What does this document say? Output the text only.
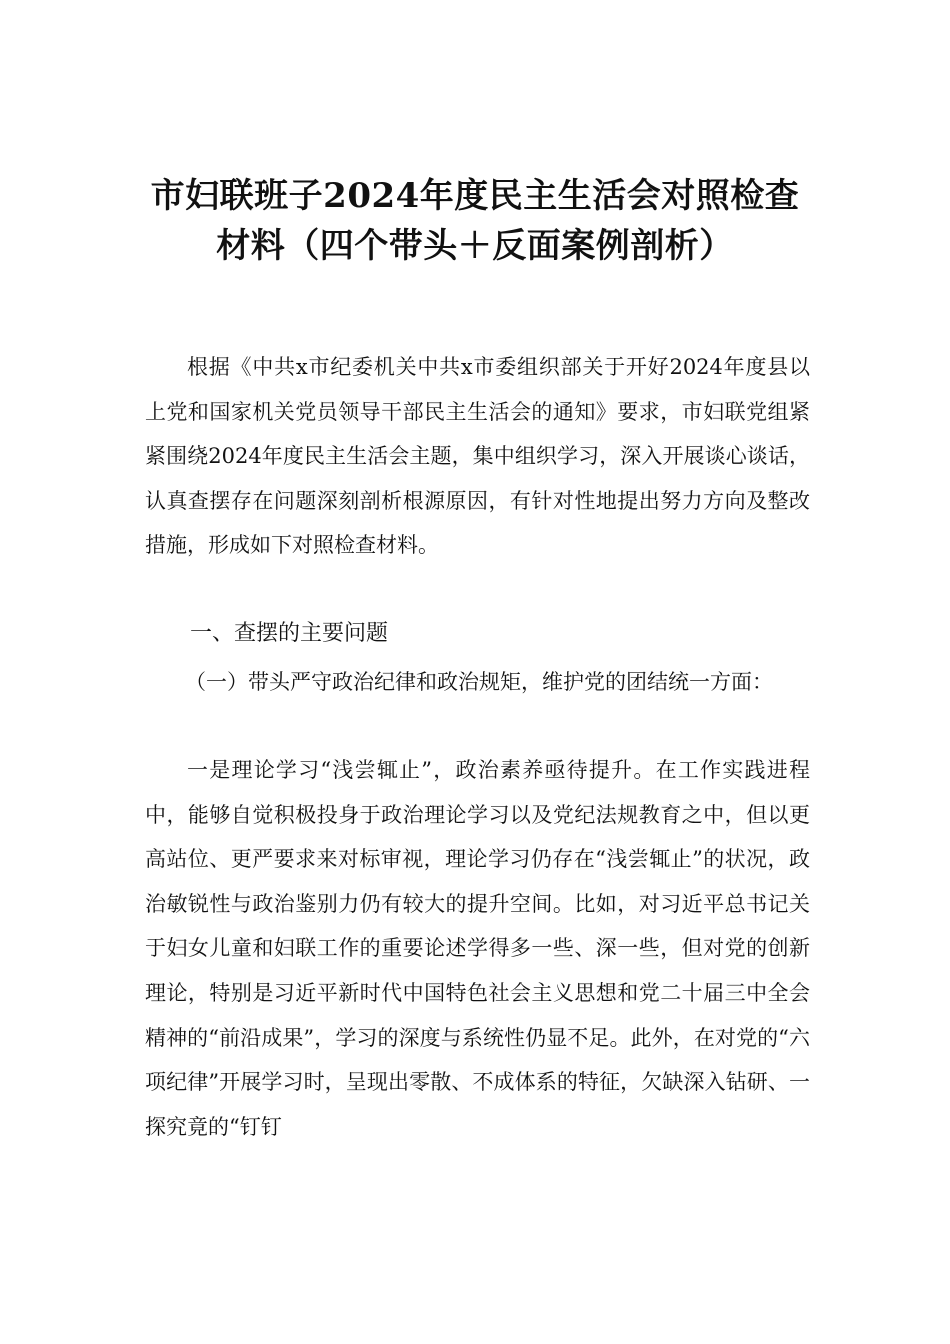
市妇联班子2024年度民主生活会对照检查
材料（四个带头＋反面案例剖析）

根据《中共x市纪委机关中共x市委组织部关于开好2024年度县以上党和国家机关党员领导干部民主生活会的通知》要求，市妇联党组紧紧围绕2024年度民主生活会主题，集中组织学习，深入开展谈心谈话，认真查摆存在问题深刻剖析根源原因，有针对性地提出努力方向及整改措施，形成如下对照检查材料。

一、查摆的主要问题
（一）带头严守政治纪律和政治规矩，维护党的团结统一方面：
一是理论学习“浅尝辄止”，政治素养亟待提升。在工作实践进程中，能够自觉积极投身于政治理论学习以及党纪法规教育之中，但以更高站位、更严要求来对标审视，理论学习仍存在“浅尝辄止”的状况，政治敏锐性与政治鉴别力仍有较大的提升空间。比如，对习近平总书记关于妇女儿童和妇联工作的重要论述学得多一些、深一些，但对党的创新理论，特别是习近平新时代中国特色社会主义思想和党二十届三中全会精神的“前沿成果”，学习的深度与系统性仍显不足。此外，在对党的“六项纪律”开展学习时，呈现出零散、不成体系的特征，欠缺深入钻研、一探究竟的“钉钉
